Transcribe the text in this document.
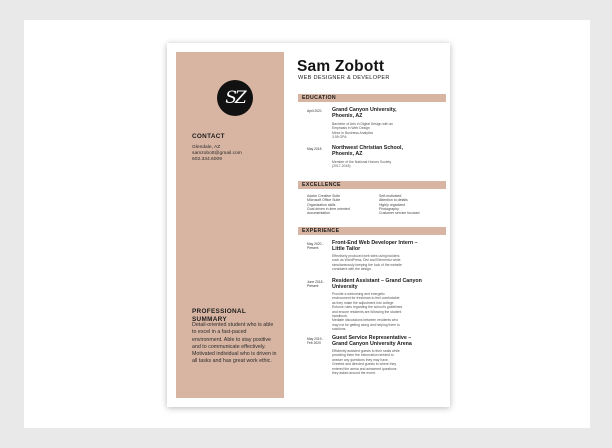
SZ
CONTACT
Glendale, AZ
samzobott@gmail.com
602.334.6009
PROFESSIONAL
SUMMARY
Detail-oriented student who is able to excel in a fast-paced environment. Able to stay positive and to communicate effectively. Motivated individual who is driven in all tasks and has great work ethic.
Sam Zobott
WEB DESIGNER & DEVELOPER
EDUCATION
April 2021 Grand Canyon University,
Phoenix, AZ
Bachelor of Arts in Digital Design with an
Emphasis in Web Design
Minor in Business Analytics
3.95 GPA
May 2018 Northwest Christian School,
Phoenix, AZ
Member of the National Honors Society
(2017-2018)
EXCELLENCE
Adobe Creative Suite
Microsoft Office Suite
Organization skills
Goal driven in time oriented
documentation
Self-motivated
Attention to details
Highly organized
Photography
Customer service focused
EXPERIENCE
May 2020 -
Present
Front-End Web Developer Intern –
Little Tailor
Effectively produced web sites using builders
such as WordPress, Divi and Elementor while
simultaneously keeping the look of the website
consistent with the design.
June 2018 -
Present
Resident Assistant – Grand Canyon
University
Provide a welcoming and energetic
environment for freshman to feel comfortable
as they make the adjustment into college.
Enforce rules regarding the school's guidelines
and ensure residents are following the student
handbook.
Mediate discussions between residents who
may not be getting along and helping them to
solutions.
May 2019 -
Feb 2020
Guest Service Representative –
Grand Canyon University Arena
Efficiently assisted guests to their seats while
providing them the information needed to
answer any questions they may have.
Greeted and directed guests to where they
entered the arena and answered questions
they asked around the event.
